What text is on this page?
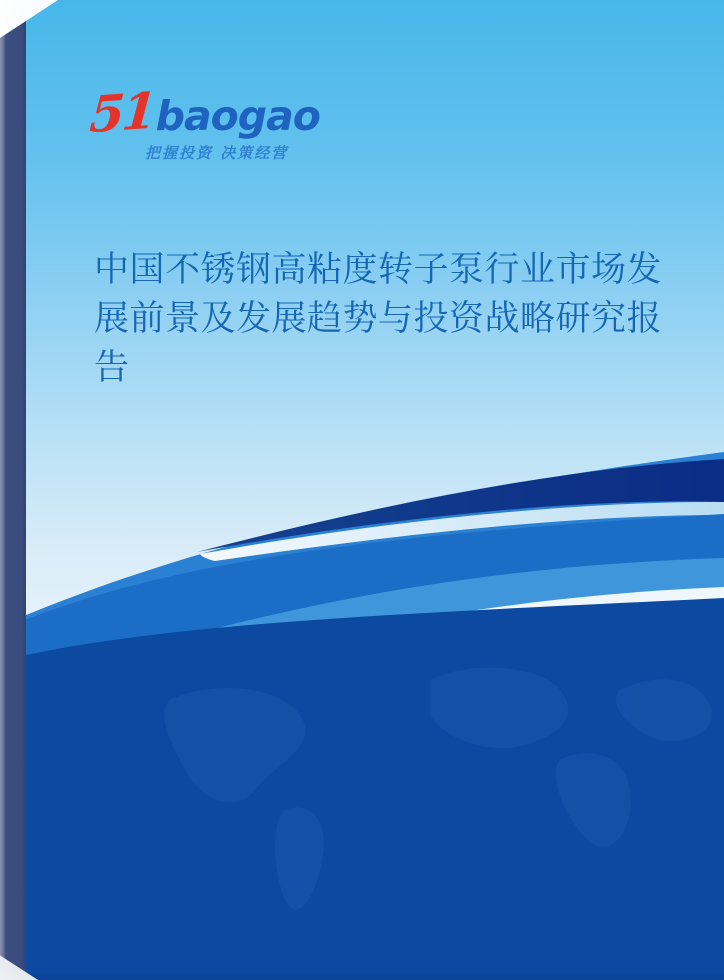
51 baogao
把握投资 决策经营
中国不锈钢高粘度转子泵行业市场发
展前景及发展趋势与投资战略研究报
告
